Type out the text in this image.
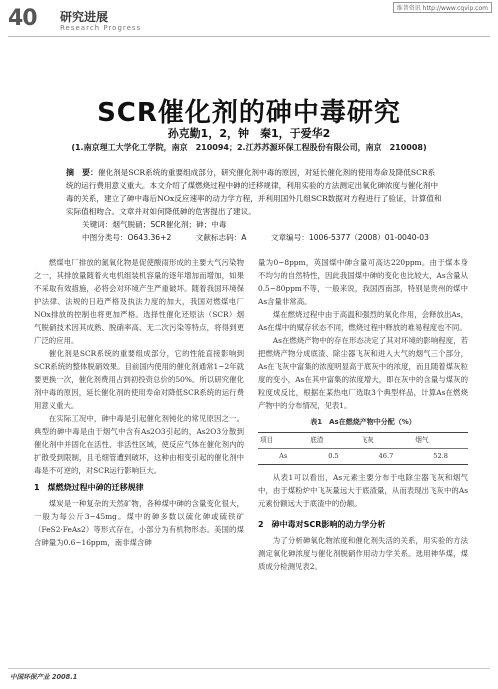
40 研究进展
Research Progress
维普资讯 http://www.cqvip.com
SCR催化剂的砷中毒研究
孙克勤1，2，钟　秦1，于爱华2
(1.南京理工大学化工学院，南京　210094；2.江苏苏源环保工程股份有限公司，南京　210008)
摘　要：催化剂是SCR系统的重要组成部分，研究催化剂中毒的原因，对延长催化剂的使用寿命及降低SCR系统的运行费用意义重大。本文介绍了煤燃烧过程中砷的迁移规律，利用实验的方法测定出氧化砷浓度与催化剂中毒的关系，建立了砷中毒后NOx反应速率的动力学方程，并利用国外几组SCR数据对方程进行了验证，计算值和实际值相吻合。文章并对如何降低砷的危害提出了建议。
关键词：烟气脱硝；SCR催化剂；砷；中毒
中图分类号：O643.36+2	文献标志码：A	文章编号：1006-5377（2008）01-0040-03

燃煤电厂排放的氮氧化物是促使酸雨形成的主要大气污染物之一，其排放量随着火电机组装机容量的逐年增加而增加，如果不采取有效措施，必将会对环境产生严重破坏。随着我国环境保护法律、法规的日趋严格及执法力度的加大，我国对燃煤电厂NOx排放的控制也将更加严格。选择性催化还原法（SCR）烟气脱硝技术因其成熟、脱硝率高、无二次污染等特点，将得到更广泛的应用。

催化剂是SCR系统的重要组成部分，它的性能直接影响到SCR系统的整体脱硝效果。目前国内使用的催化剂通常1~2年就要更换一次，催化剂费用占到初投资总价的50%。所以研究催化剂中毒的原因，延长催化剂的使用寿命对降低SCR系统的运行费用意义重大。

在实际工况中，砷中毒是引起催化剂钝化的常见原因之一。典型的砷中毒是由于烟气中含有As2O3引起的，As2O3分散到催化剂中并固化在活性、非活性区域，使反应气体在催化剂内的扩散受到限制，且毛细管遭到破坏，这种由相变引起的催化剂中毒是不可逆的，对SCR运行影响巨大。

1　煤燃烧过程中砷的迁移规律

煤炭是一种复杂的天然矿物，各种煤中砷的含量变化很大，一般为每公斤3~45mg。煤中的砷多数以硫化砷或硫铁矿（FeS2·FeAs2）等形式存在，小部分为有机物形态。美国的煤含砷量为0.6~16ppm，南非煤含砷

量为0~8ppm，英国煤中砷含量可高达220ppm。由于煤本身不均匀的自然特性，因此我国煤中砷的变化也比较大，As含量从0.5~80ppm不等，一般来说，我国西南部，特别是贵州的煤中As含量非常高。

煤在燃烧过程中由于高温和强烈的氧化作用，会释放出As，As在煤中的赋存状态不同，燃烧过程中释放的难易程度也不同。

As在燃烧产物中的存在形态决定了其对环境的影响程度，若把燃烧产物分成底渣、除尘器飞灰和进入大气的烟气三个部分，As在飞灰中富集的浓度明显高于底灰中的浓度，而且随着煤灰粒度的变小，As在其中富集的浓度增大，即在灰中的含量与煤灰的粒度成反比，根据在某热电厂选取3个典型样品，计算As在燃烧产物中的分布情况，见表1。

表1　As在燃烧产物中分配（%）
项目	底渣	飞灰	烟气
As	0.5	46.7	52.8

从表1可以看出，As元素主要分布于电除尘器飞灰和烟气中，由于煤粉炉中飞灰量远大于底渣量，从而表现出飞灰中的As元素份额远大于底渣中的份额。

2　砷中毒对SCR影响的动力学分析

为了分析砷氧化物浓度和催化剂失活的关系，用实验的方法测定氧化砷浓度与催化剂脱硝作用动力学关系。选用神华煤，煤质成分检测见表2。

中国环保产业 2008.1
